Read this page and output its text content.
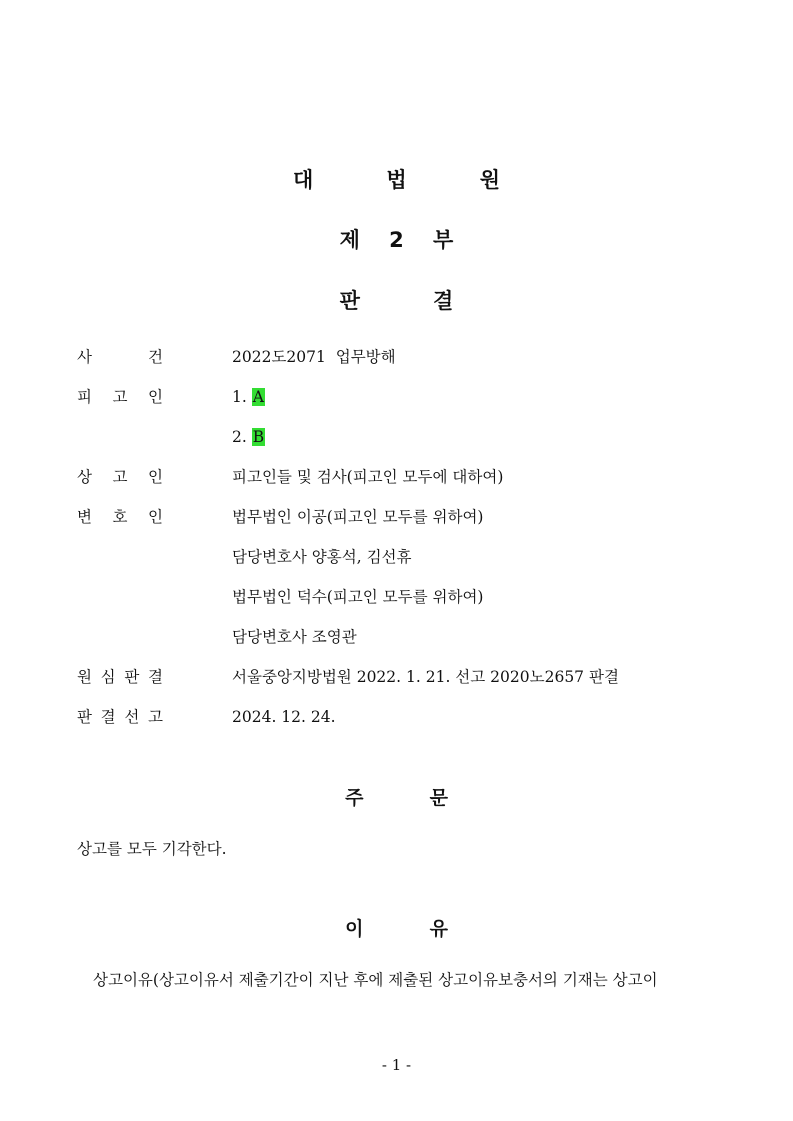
대          법          원
제    2    부
판          결
사	건	2022도2071  업무방해
피 고 인	1. A
2. B
상 고 인	피고인들 및 검사(피고인 모두에 대하여)
변 호 인	법무법인 이공(피고인 모두를 위하여)
담당변호사 양홍석, 김선휴
법무법인 덕수(피고인 모두를 위하여)
담당변호사 조영관
원 심 판 결	서울중앙지방법원 2022. 1. 21. 선고 2020노2657 판결
판 결 선 고	2024. 12. 24.
주          문
상고를 모두 기각한다.
이          유
상고이유(상고이유서 제출기간이 지난 후에 제출된 상고이유보충서의 기재는 상고이
- 1 -
